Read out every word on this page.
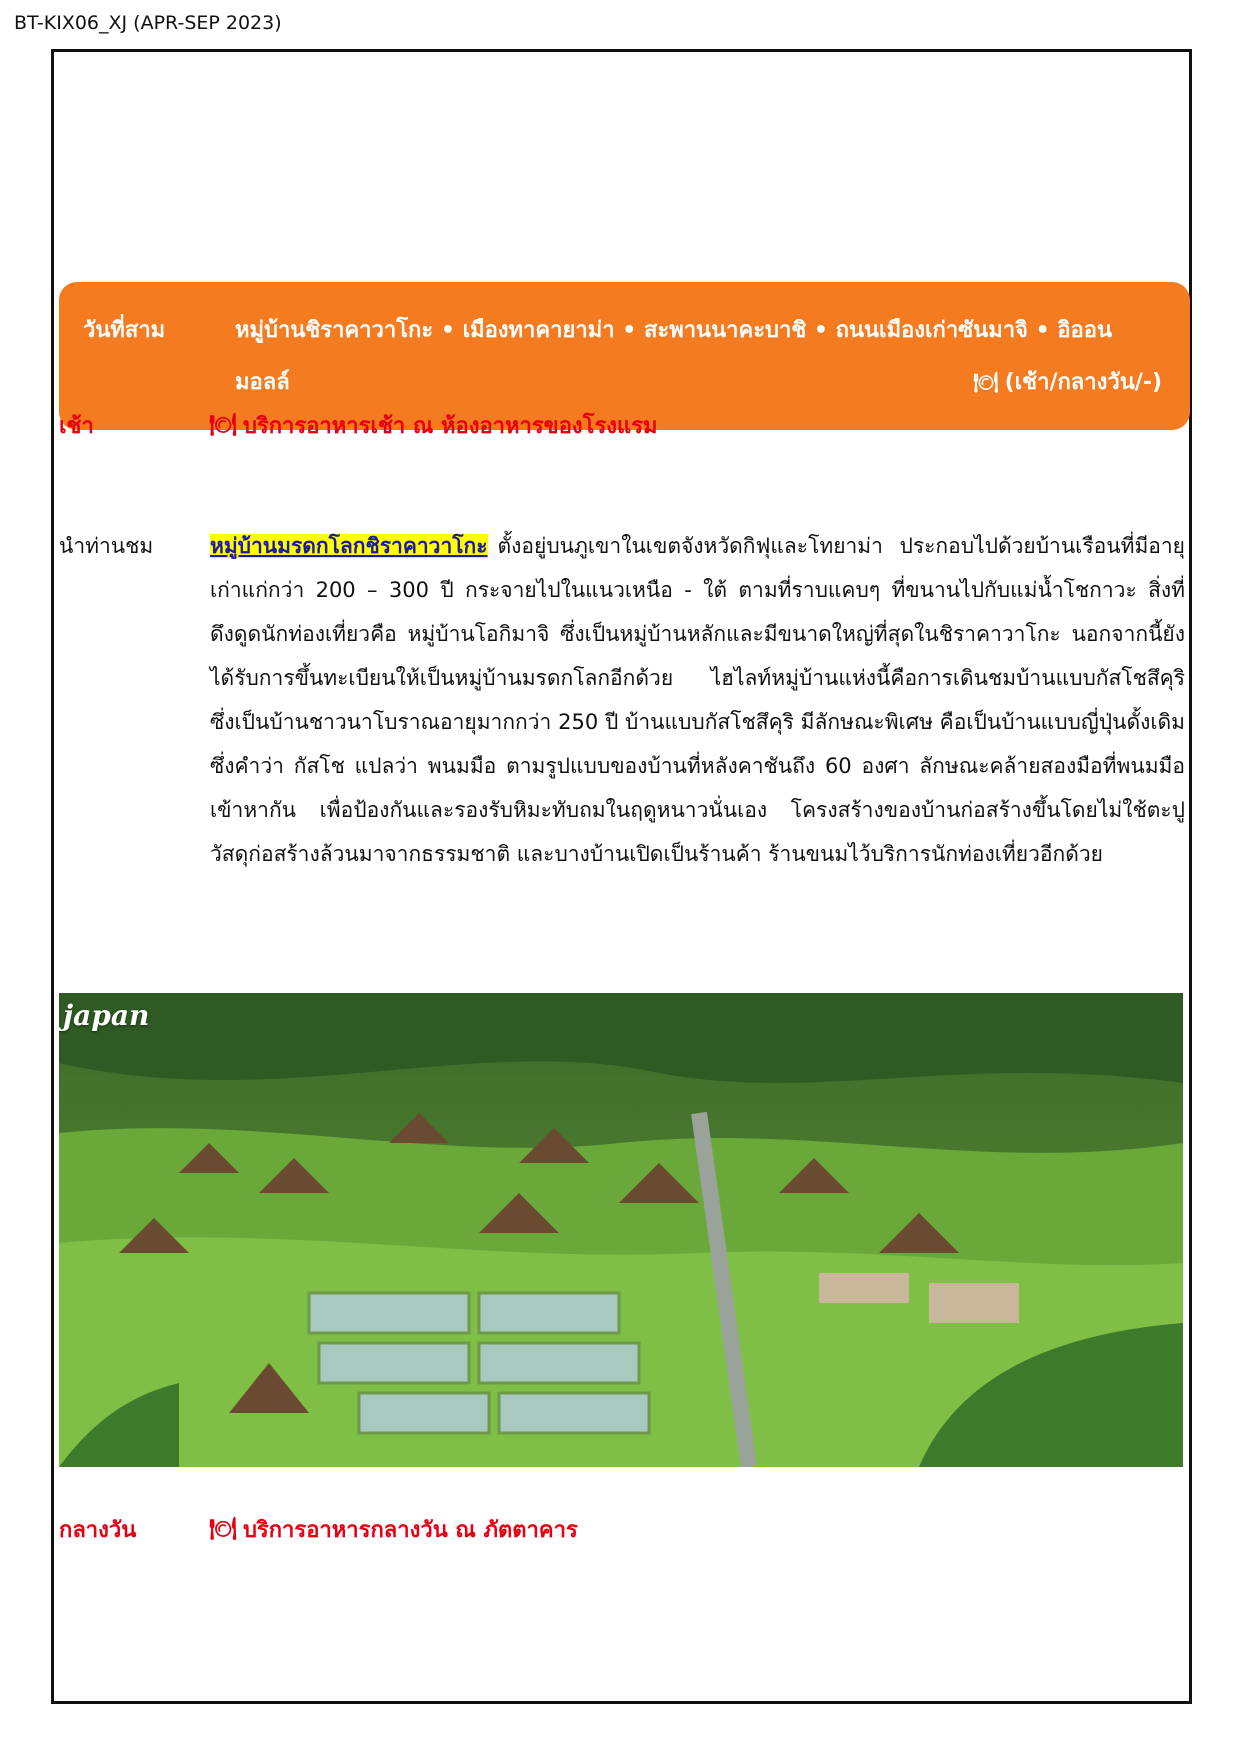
BT-KIX06_XJ (APR-SEP 2023)
วันที่สาม	หมู่บ้านชิราคาวาโกะ • เมืองทาคายาม่า • สะพานนาคะบาชิ • ถนนเมืองเก่าซันมาจิ • อิออน
มอลล์	🍽 (เช้า/กลางวัน/-)
เช้า	🍽 บริการอาหารเช้า ณ ห้องอาหารของโรงแรม
นำท่านชม	หมู่บ้านมรดกโลกชิราคาวาโกะ ตั้งอยู่บนภูเขาในเขตจังหวัดกิฟุและโทยาม่า ประกอบไปด้วยบ้านเรือนที่มีอายุเก่าแก่กว่า 200 – 300 ปี กระจายไปในแนวเหนือ - ใต้ ตามที่ราบแคบๆ ที่ขนานไปกับแม่น้ำโชกาวะ สิ่งที่ดึงดูดนักท่องเที่ยวคือ หมู่บ้านโอกิมาจิ ซึ่งเป็นหมู่บ้านหลักและมีขนาดใหญ่ที่สุดในชิราคาวาโกะ นอกจากนี้ยังได้รับการขึ้นทะเบียนให้เป็นหมู่บ้านมรดกโลกอีกด้วย ไฮไลท์หมู่บ้านแห่งนี้คือการเดินชมบ้านแบบกัสโชสึคุริ ซึ่งเป็นบ้านชาวนาโบราณอายุมากกว่า 250 ปี บ้านแบบกัสโชสึคุริ มีลักษณะพิเศษ คือเป็นบ้านแบบญี่ปุ่นดั้งเดิม ซึ่งคำว่า กัสโช แปลว่า พนมมือ ตามรูปแบบของบ้านที่หลังคาชันถึง 60 องศา ลักษณะคล้ายสองมือที่พนมมือเข้าหากัน เพื่อป้องกันและรองรับหิมะทับถมในฤดูหนาวนั่นเอง โครงสร้างของบ้านก่อสร้างขึ้นโดยไม่ใช้ตะปู วัสดุก่อสร้างล้วนมาจากธรรมชาติ และบางบ้านเปิดเป็นร้านค้า ร้านขนมไว้บริการนักท่องเที่ยวอีกด้วย
japan
กลางวัน	🍽 บริการอาหารกลางวัน ณ ภัตตาคาร
